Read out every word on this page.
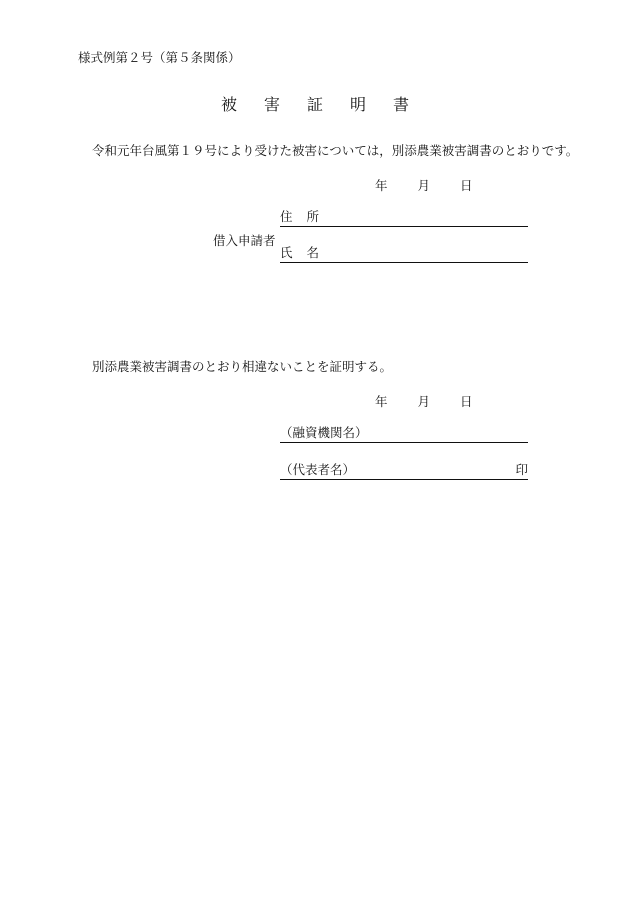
様式例第２号（第５条関係）
被害証明書
令和元年台風第１９号により受けた被害については，別添農業被害調書のとおりです。
年 月 日
住 所
借入申請者
氏 名
別添農業被害調書のとおり相違ないことを証明する。
年 月 日
（融資機関名）
（代表者名）	印
